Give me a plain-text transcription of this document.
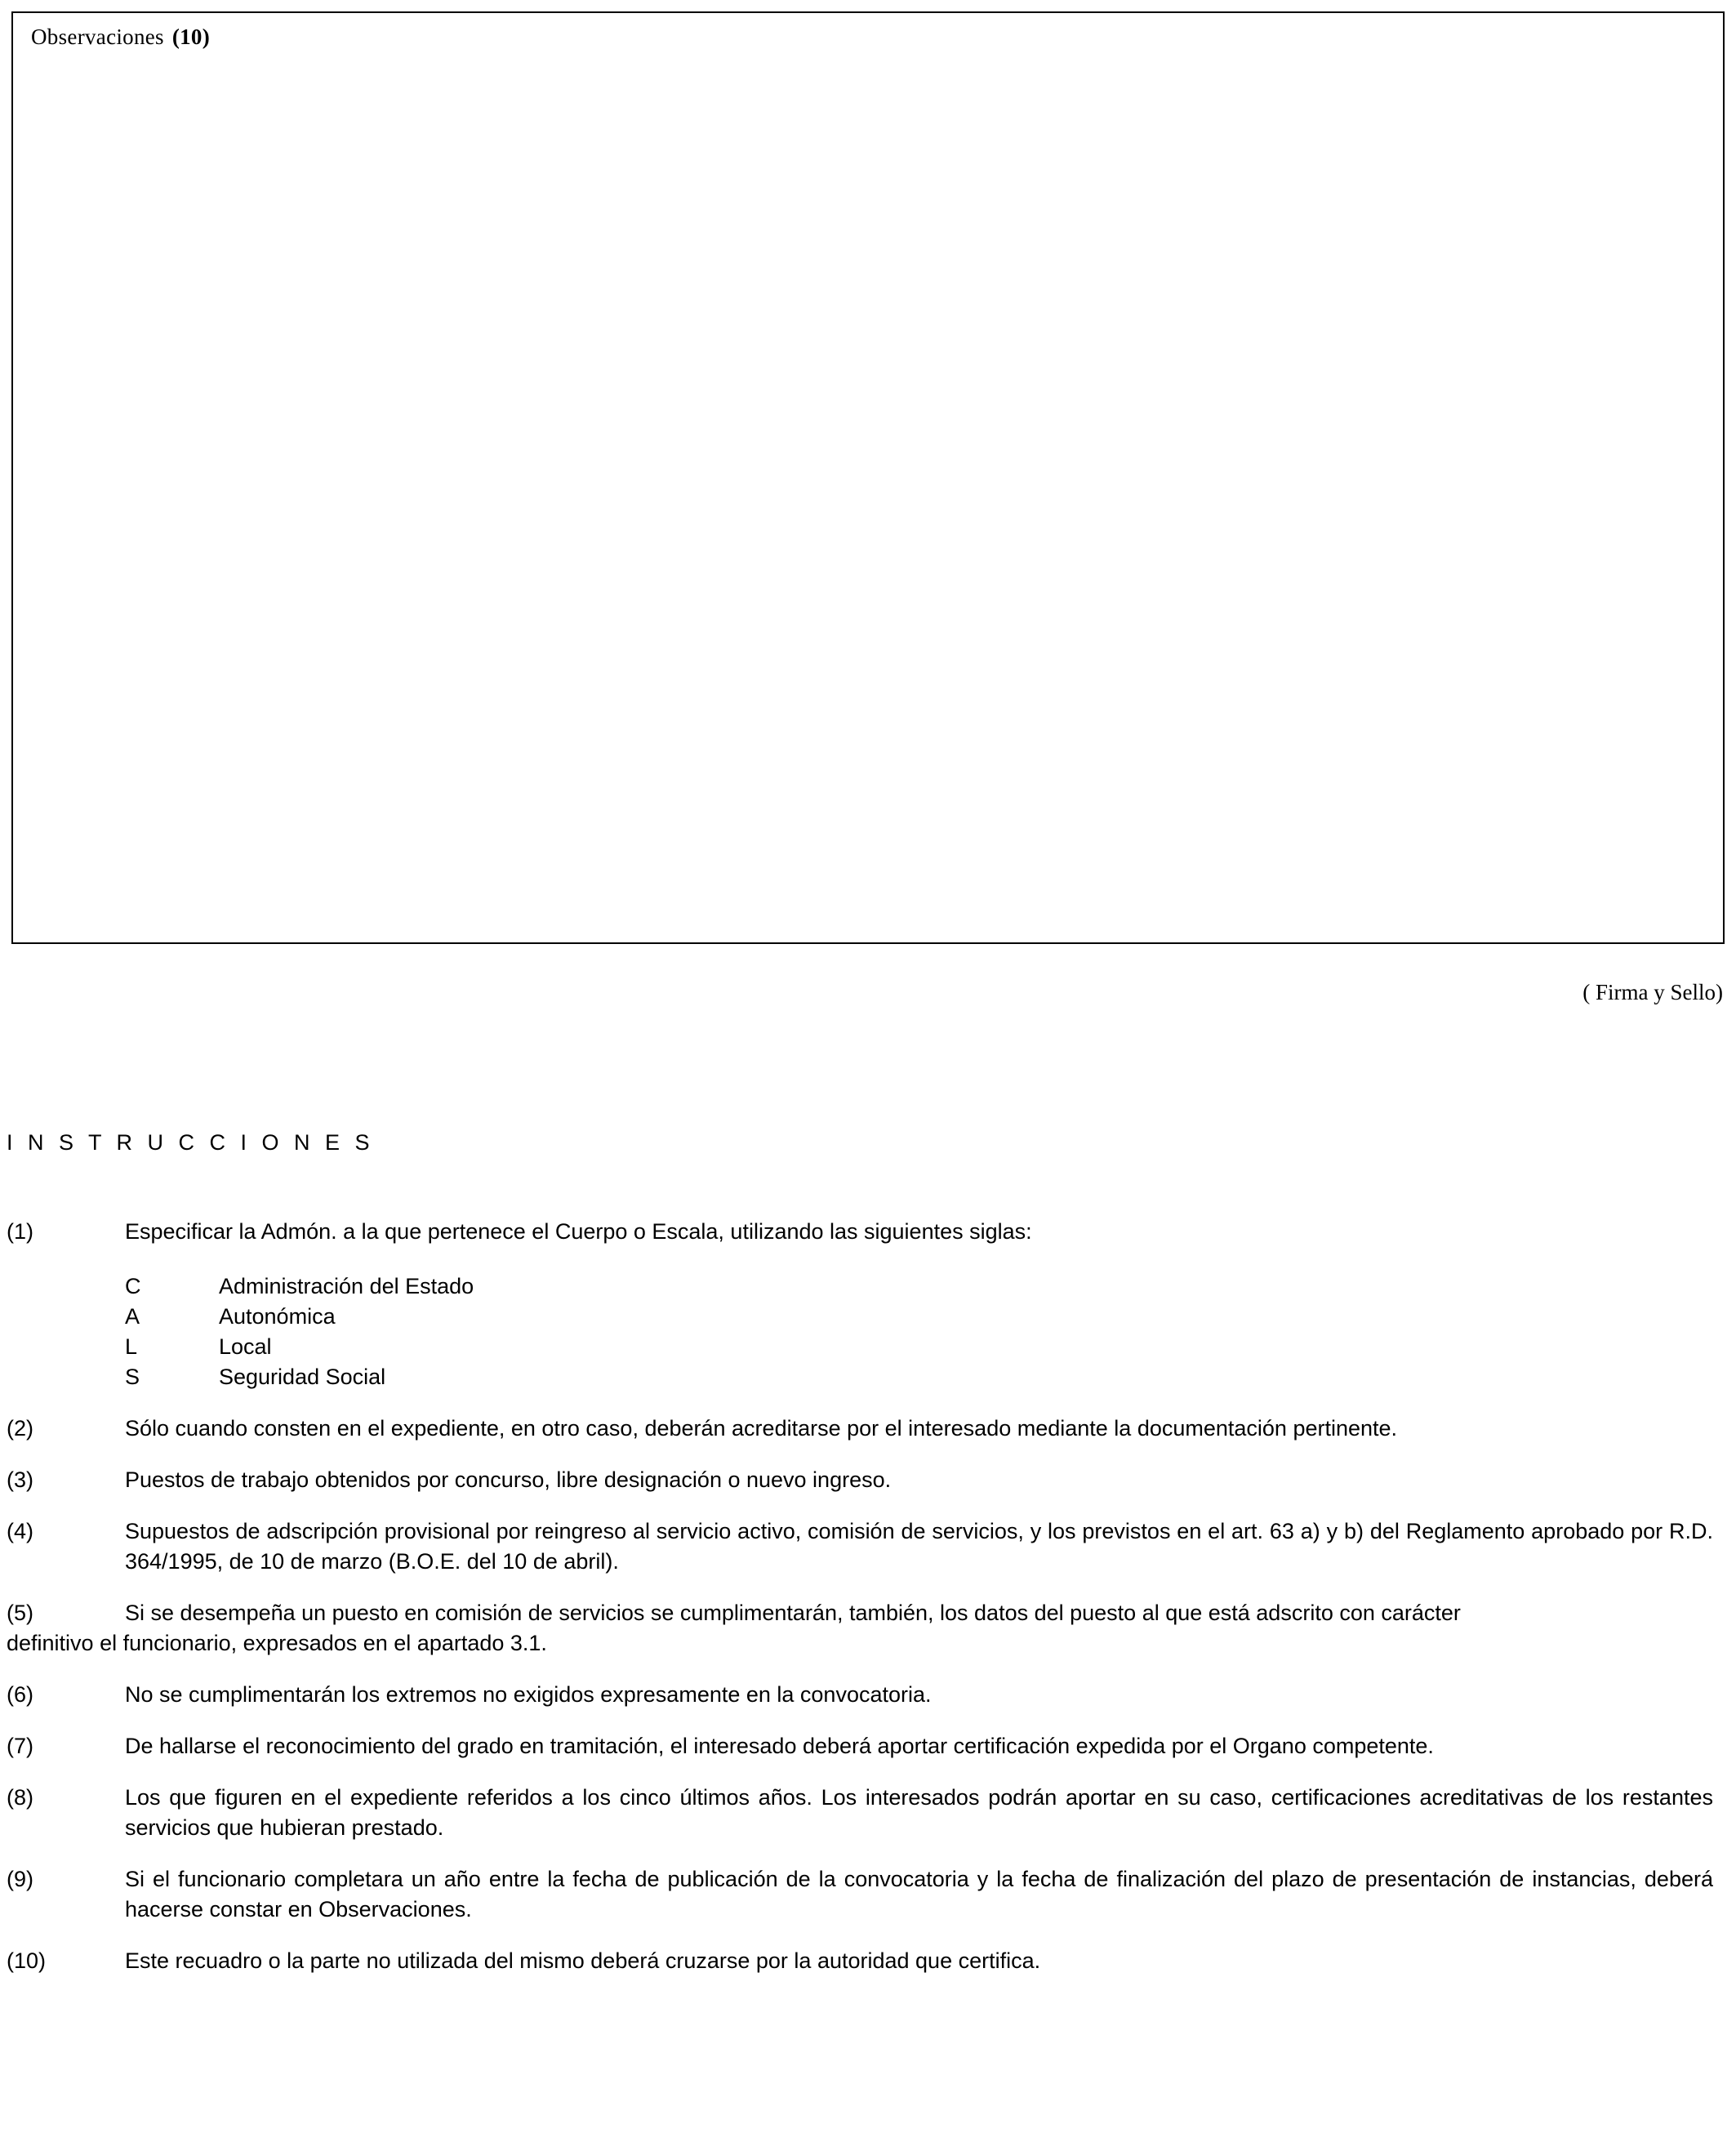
Observaciones (10)
( Firma y Sello)
I N S T R U C C I O N E S
(1)	Especificar la Admón. a la que pertenece el Cuerpo o Escala, utilizando las siguientes siglas:
C	Administración del Estado
A	Autonómica
L	Local
S	Seguridad Social
(2)	Sólo cuando consten en el expediente, en otro caso, deberán acreditarse por el interesado mediante la documentación pertinente.
(3)	Puestos de trabajo obtenidos por concurso, libre designación o nuevo ingreso.
(4)	Supuestos de adscripción provisional por reingreso al servicio activo, comisión de servicios, y los previstos en el art. 63 a) y b) del Reglamento aprobado por R.D. 364/1995, de 10 de marzo (B.O.E. del 10 de abril).
(5)	Si se desempeña un puesto en comisión de servicios se cumplimentarán, también, los datos del puesto al que está adscrito con carácter
definitivo el funcionario, expresados en el apartado 3.1.
(6)	No se cumplimentarán los extremos no exigidos expresamente en la convocatoria.
(7)	De hallarse el reconocimiento del grado en tramitación, el interesado deberá aportar certificación expedida por el Organo competente.
(8)	Los que figuren en el expediente referidos a los cinco últimos años. Los interesados podrán aportar en su caso, certificaciones acreditativas de los restantes servicios que hubieran prestado.
(9)	Si el funcionario completara un año entre la fecha de publicación de la convocatoria y la fecha de finalización del plazo de presentación de instancias, deberá hacerse constar en Observaciones.
(10)	Este recuadro o la parte no utilizada del mismo deberá cruzarse por la autoridad que certifica.
